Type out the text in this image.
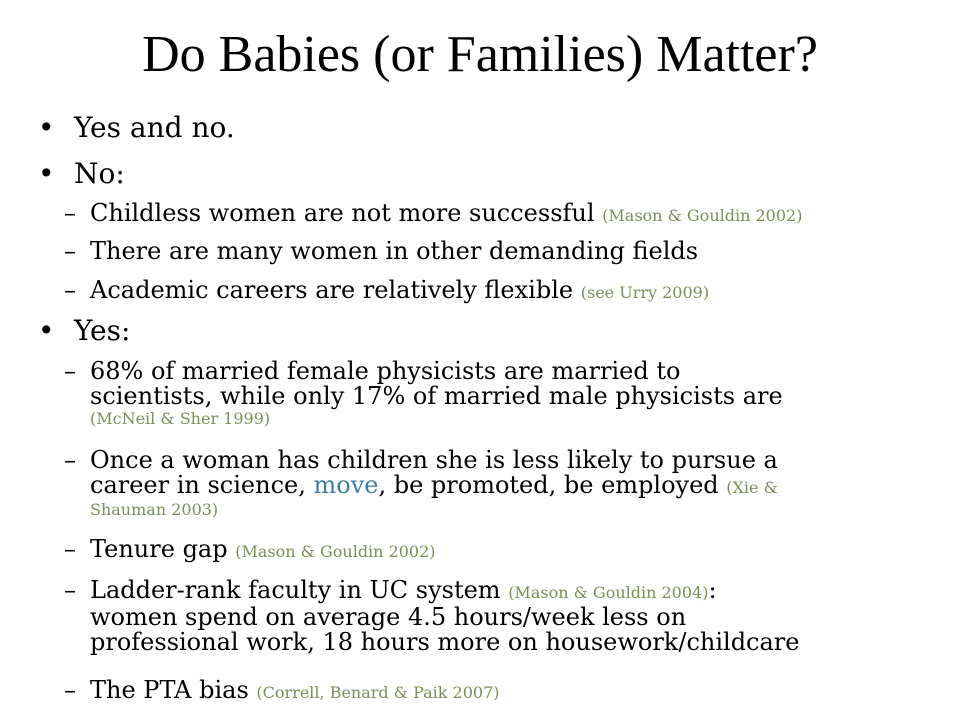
Do Babies (or Families) Matter?
• Yes and no.
• No:
– Childless women are not more successful (Mason & Gouldin 2002)
– There are many women in other demanding fields
– Academic careers are relatively flexible (see Urry 2009)
• Yes:
– 68% of married female physicists are married to
scientists, while only 17% of married male physicists are
(McNeil & Sher 1999)
– Once a woman has children she is less likely to pursue a
career in science, move, be promoted, be employed (Xie &
Shauman 2003)
– Tenure gap (Mason & Gouldin 2002)
– Ladder-rank faculty in UC system (Mason & Gouldin 2004):
women spend on average 4.5 hours/week less on
professional work, 18 hours more on housework/childcare
– The PTA bias (Correll, Benard & Paik 2007)
